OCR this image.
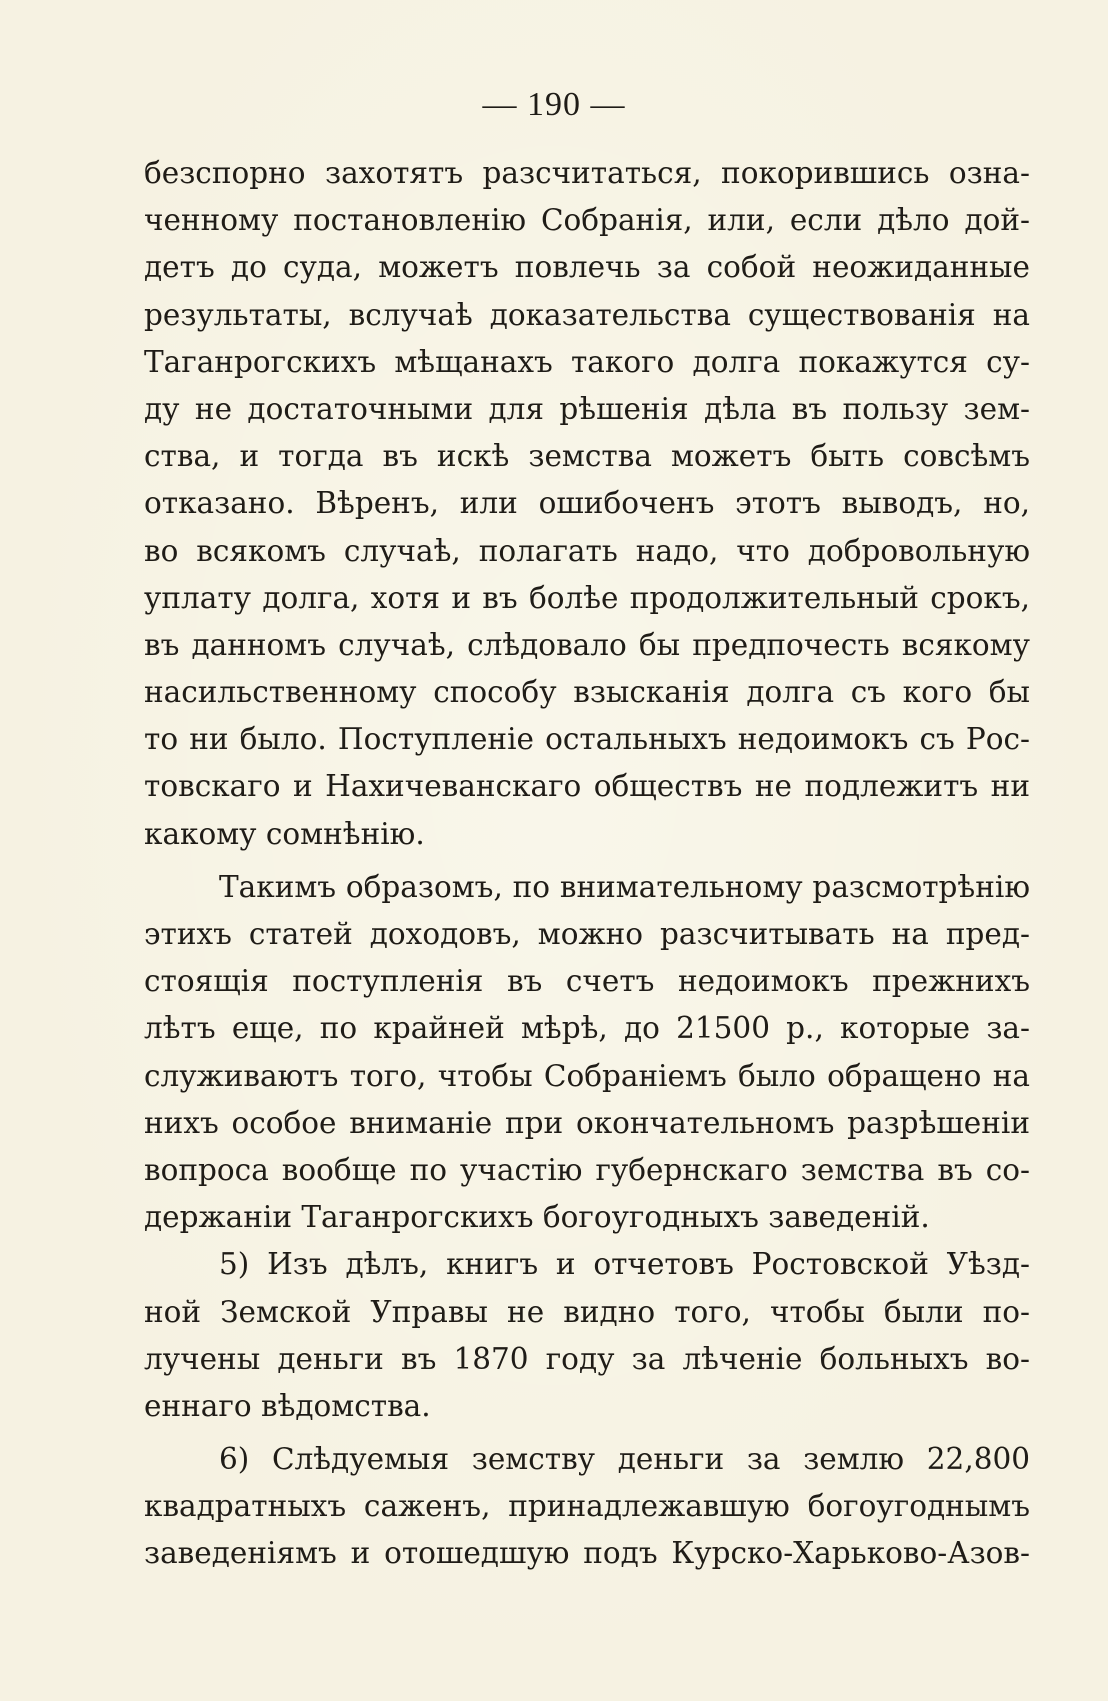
— 190 —
безспорно захотятъ разсчитаться, покорившись озна-
ченному постановленію Собранія, или, если дѣло дой-
детъ до суда, можетъ повлечь за собой неожиданные
результаты, вслучаѣ доказательства существованія на
Таганрогскихъ мѣщанахъ такого долга покажутся су-
ду не достаточными для рѣшенія дѣла въ пользу зем-
ства, и тогда въ искѣ земства можетъ быть совсѣмъ
отказано. Вѣренъ, или ошибоченъ этотъ выводъ, но,
во всякомъ случаѣ, полагать надо, что добровольную
уплату долга, хотя и въ болѣе продолжительный срокъ,
въ данномъ случаѣ, слѣдовало бы предпочесть всякому
насильственному способу взысканія долга съ кого бы
то ни было. Поступленіе остальныхъ недоимокъ съ Рос-
товскаго и Нахичеванскаго обществъ не подлежитъ ни
какому сомнѣнію.
Такимъ образомъ, по внимательному разсмотрѣнію
этихъ статей доходовъ, можно разсчитывать на пред-
стоящія поступленія въ счетъ недоимокъ прежнихъ
лѣтъ еще, по крайней мѣрѣ, до 21500 р., которые за-
служиваютъ того, чтобы Собраніемъ было обращено на
нихъ особое вниманіе при окончательномъ разрѣшеніи
вопроса вообще по участію губернскаго земства въ со-
держаніи Таганрогскихъ богоугодныхъ заведеній.
5) Изъ дѣлъ, книгъ и отчетовъ Ростовской Уѣзд-
ной Земской Управы не видно того, чтобы были по-
лучены деньги въ 1870 году за лѣченіе больныхъ во-
еннаго вѣдомства.
6) Слѣдуемыя земству деньги за землю 22,800
квадратныхъ саженъ, принадлежавшую богоугоднымъ
заведеніямъ и отошедшую подъ Курско-Харьково-Азов-
